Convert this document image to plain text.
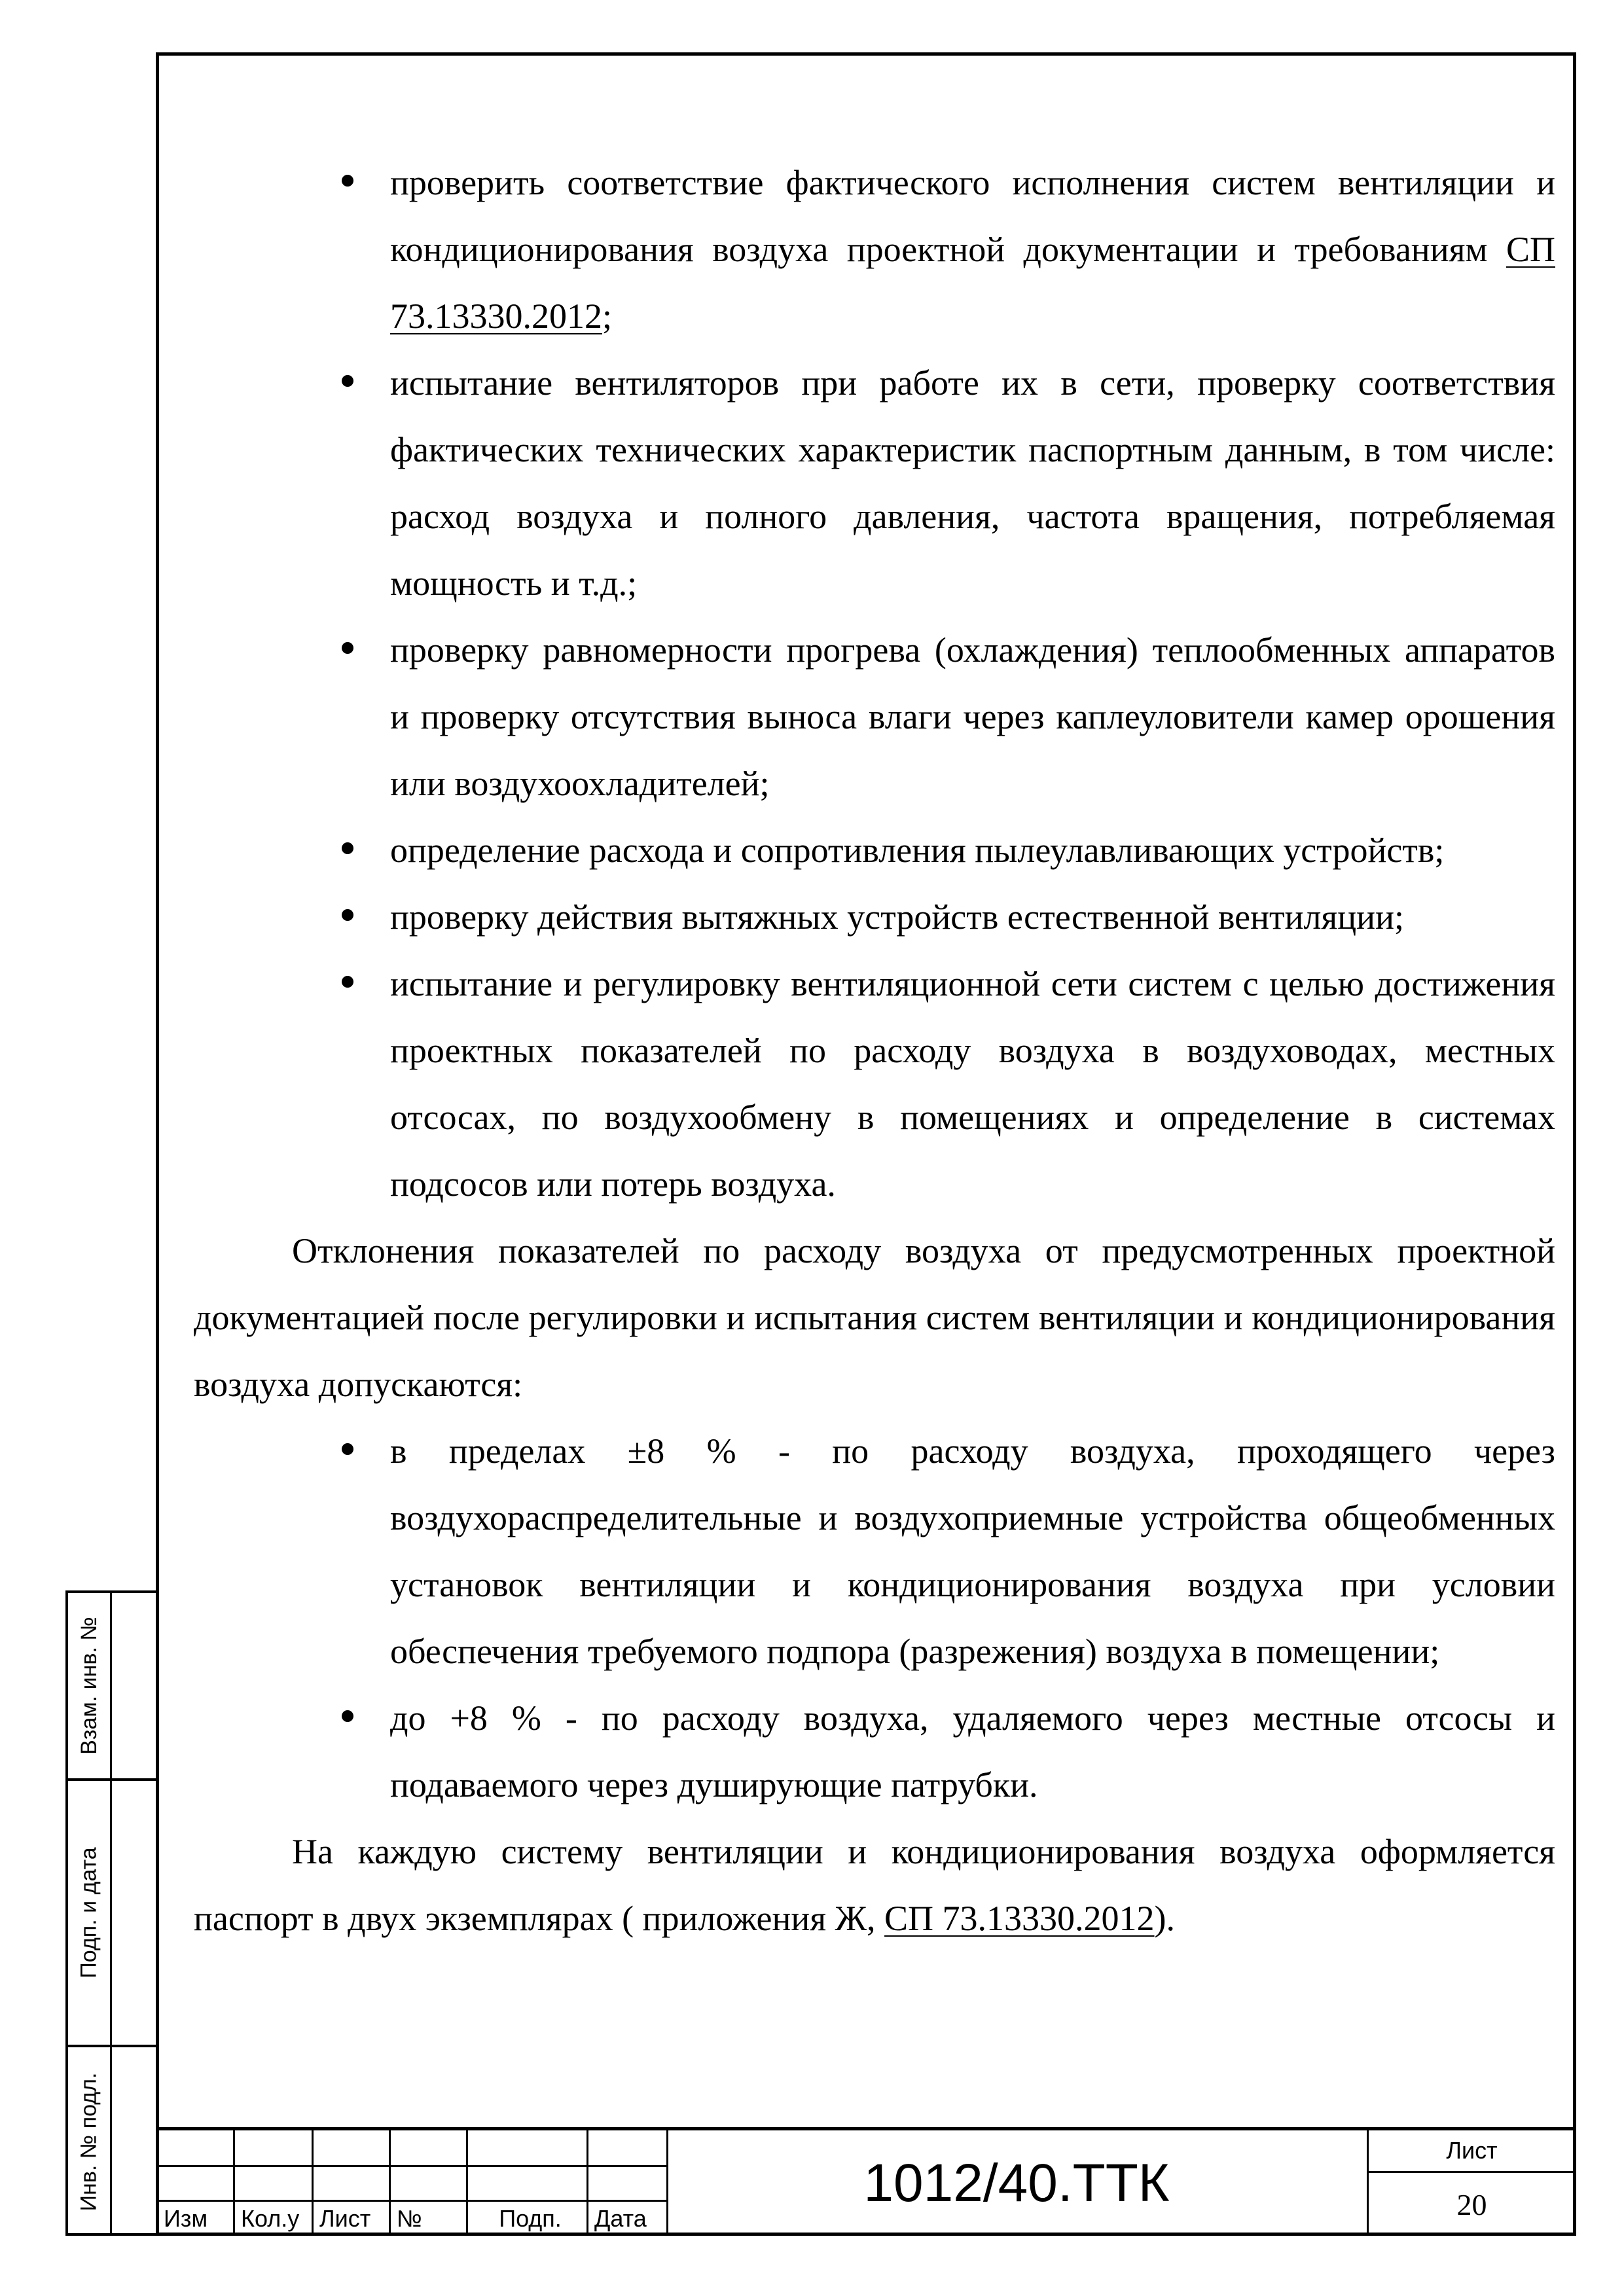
проверить соответствие фактического исполнения систем вентиляции и кондиционирования воздуха проектной документации и требованиям СП 73.13330.2012;
испытание вентиляторов при работе их в сети, проверку соответствия фактических технических характеристик паспортным данным, в том числе: расход воздуха и полного давления, частота вращения, потребляемая мощность и т.д.;
проверку равномерности прогрева (охлаждения) теплообменных аппаратов и проверку отсутствия выноса влаги через каплеуловители камер орошения или воздухоохладителей;
определение расхода и сопротивления пылеулавливающих устройств;
проверку действия вытяжных устройств естественной вентиляции;
испытание и регулировку вентиляционной сети систем с целью достижения проектных показателей по расходу воздуха в воздуховодах, местных отсосах, по воздухообмену в помещениях и определение в системах подсосов или потерь воздуха.

Отклонения показателей по расходу воздуха от предусмотренных проектной документацией после регулировки и испытания систем вентиляции и кондиционирования воздуха допускаются:

в пределах ±8 % - по расходу воздуха, проходящего через воздухораспределительные и воздухоприемные устройства общеобменных установок вентиляции и кондиционирования воздуха при условии обеспечения требуемого подпора (разрежения) воздуха в помещении;
до +8 % - по расходу воздуха, удаляемого через местные отсосы и подаваемого через душирующие патрубки.

На каждую систему вентиляции и кондиционирования воздуха оформляется паспорт в двух экземплярах ( приложения Ж, СП 73.13330.2012).

Взам. инв. №
Подп. и дата
Инв. № подл.
Изм	Кол.у Лист	№	Подп.	Дата
1012/40.ТТК
Лист
20
